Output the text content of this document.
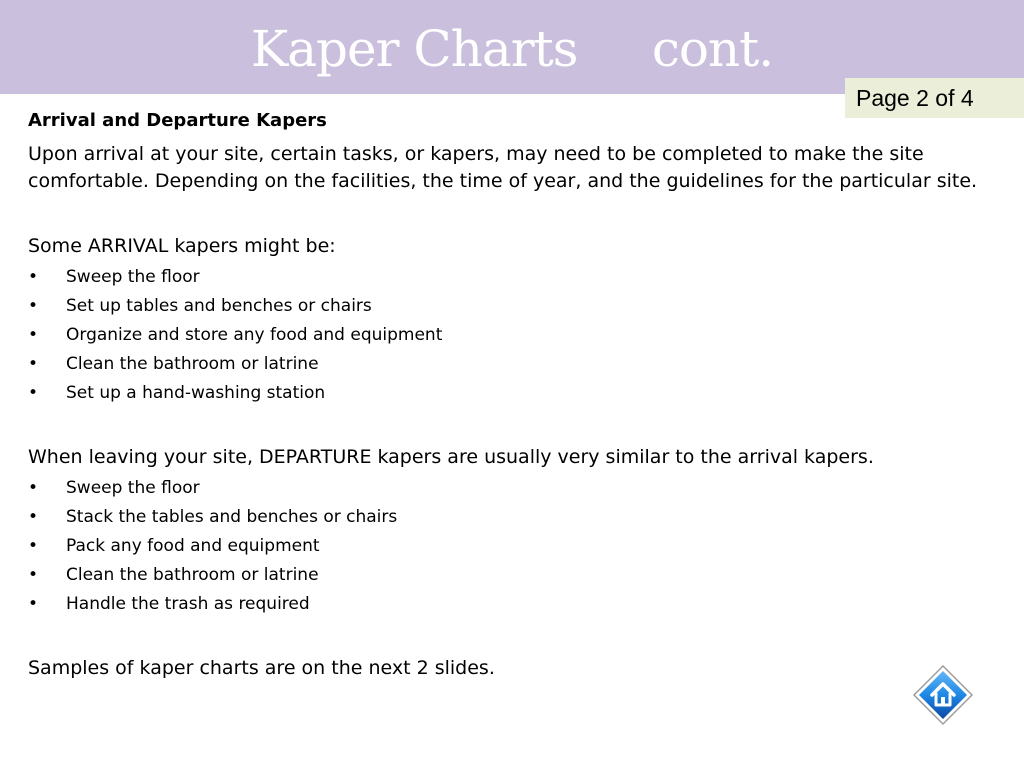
Kaper Charts     cont.
Page 2 of 4

Arrival and Departure Kapers

Upon arrival at your site, certain tasks, or kapers, may need to be completed to make the site comfortable. Depending on the facilities, the time of year, and the guidelines for the particular site.

Some ARRIVAL kapers might be:

• Sweep the floor
• Set up tables and benches or chairs
• Organize and store any food and equipment
• Clean the bathroom or latrine
• Set up a hand-washing station

When leaving your site, DEPARTURE kapers are usually very similar to the arrival kapers.

• Sweep the floor
• Stack the tables and benches or chairs
• Pack any food and equipment
• Clean the bathroom or latrine
• Handle the trash as required

Samples of kaper charts are on the next 2 slides.
